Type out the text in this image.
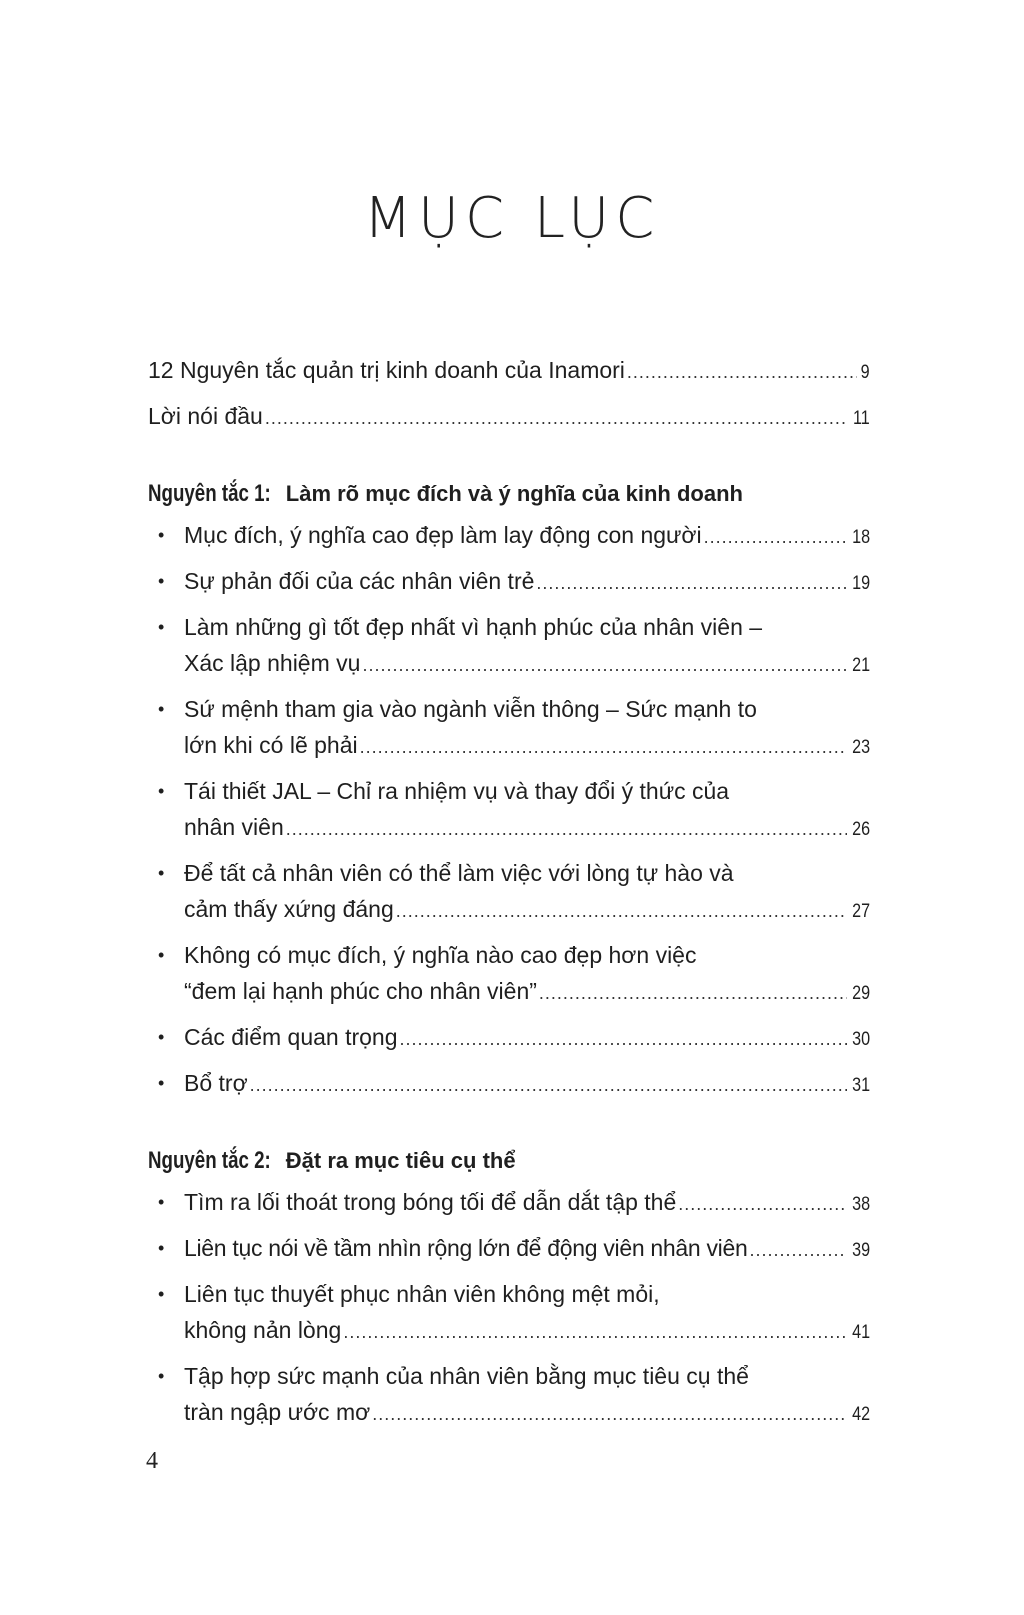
MỤC LỤC
12 Nguyên tắc quản trị kinh doanh của Inamori .....	9
Lời nói đầu .....	11
Nguyên tắc 1: Làm rõ mục đích và ý nghĩa của kinh doanh
• Mục đích, ý nghĩa cao đẹp làm lay động con người .....	18
• Sự phản đối của các nhân viên trẻ .....	19
• Làm những gì tốt đẹp nhất vì hạnh phúc của nhân viên –
Xác lập nhiệm vụ .....	21
• Sứ mệnh tham gia vào ngành viễn thông – Sức mạnh to
lớn khi có lẽ phải .....	23
• Tái thiết JAL – Chỉ ra nhiệm vụ và thay đổi ý thức của
nhân viên .....	26
• Để tất cả nhân viên có thể làm việc với lòng tự hào và
cảm thấy xứng đáng .....	27
• Không có mục đích, ý nghĩa nào cao đẹp hơn việc
“đem lại hạnh phúc cho nhân viên” .....	29
• Các điểm quan trọng .....	30
• Bổ trợ .....	31
Nguyên tắc 2: Đặt ra mục tiêu cụ thể
• Tìm ra lối thoát trong bóng tối để dẫn dắt tập thể .....	38
• Liên tục nói về tầm nhìn rộng lớn để động viên nhân viên .....	39
• Liên tục thuyết phục nhân viên không mệt mỏi,
không nản lòng .....	41
• Tập hợp sức mạnh của nhân viên bằng mục tiêu cụ thể
tràn ngập ước mơ .....	42
4
